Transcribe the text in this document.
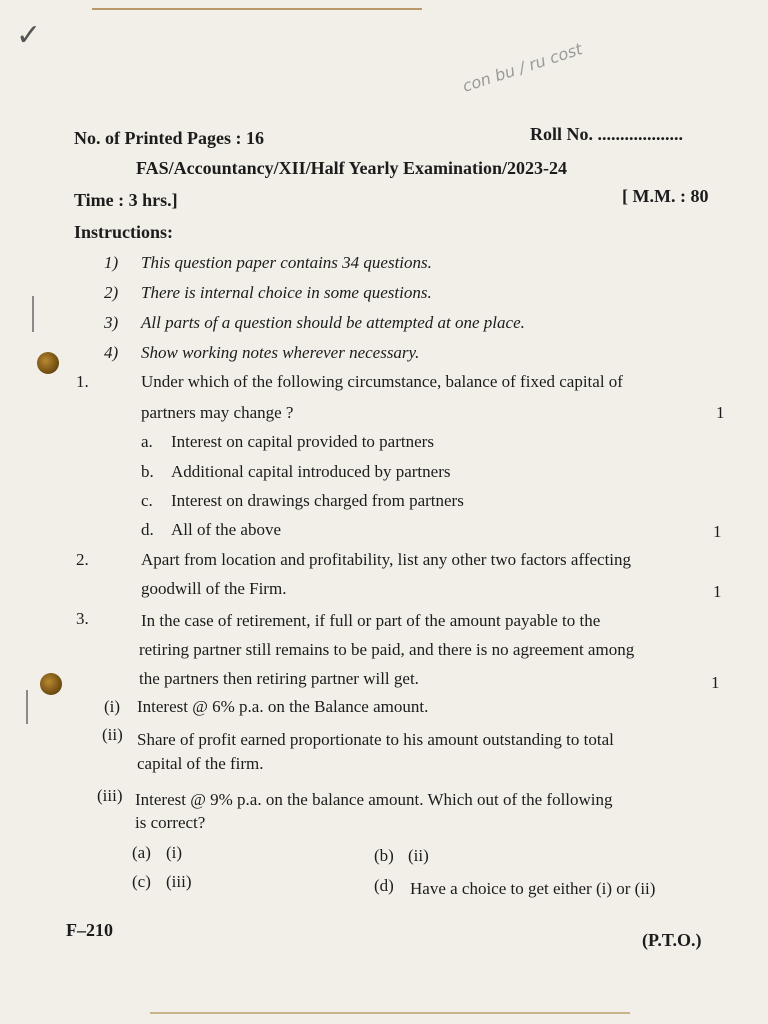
✓
con bu / ru cost
No. of Printed Pages : 16	Roll No. ...................
FAS/Accountancy/XII/Half Yearly Examination/2023-24
Time : 3 hrs.]	[ M.M. : 80
Instructions:
1) This question paper contains 34 questions.
2) There is internal choice in some questions.
3) All parts of a question should be attempted at one place.
4) Show working notes wherever necessary.
1.	Under which of the following circumstance, balance of fixed capital of
partners may change ?	1
a. Interest on capital provided to partners
b. Additional capital introduced by partners
c. Interest on drawings charged from partners
d. All of the above	1
2.	Apart from location and profitability, list any other two factors affecting
goodwill of the Firm.	1
3.	In the case of retirement, if full or part of the amount payable to the
retiring partner still remains to be paid, and there is no agreement among
the partners then retiring partner will get.	1
(i) Interest @ 6% p.a. on the Balance amount.
(ii) Share of profit earned proportionate to his amount outstanding to total
capital of the firm.
(iii) Interest @ 9% p.a. on the balance amount. Which out of the following
is correct?
(a) (i)	(b) (ii)
(c) (iii)	(d) Have a choice to get either (i) or (ii)
F–210	(P.T.O.)
